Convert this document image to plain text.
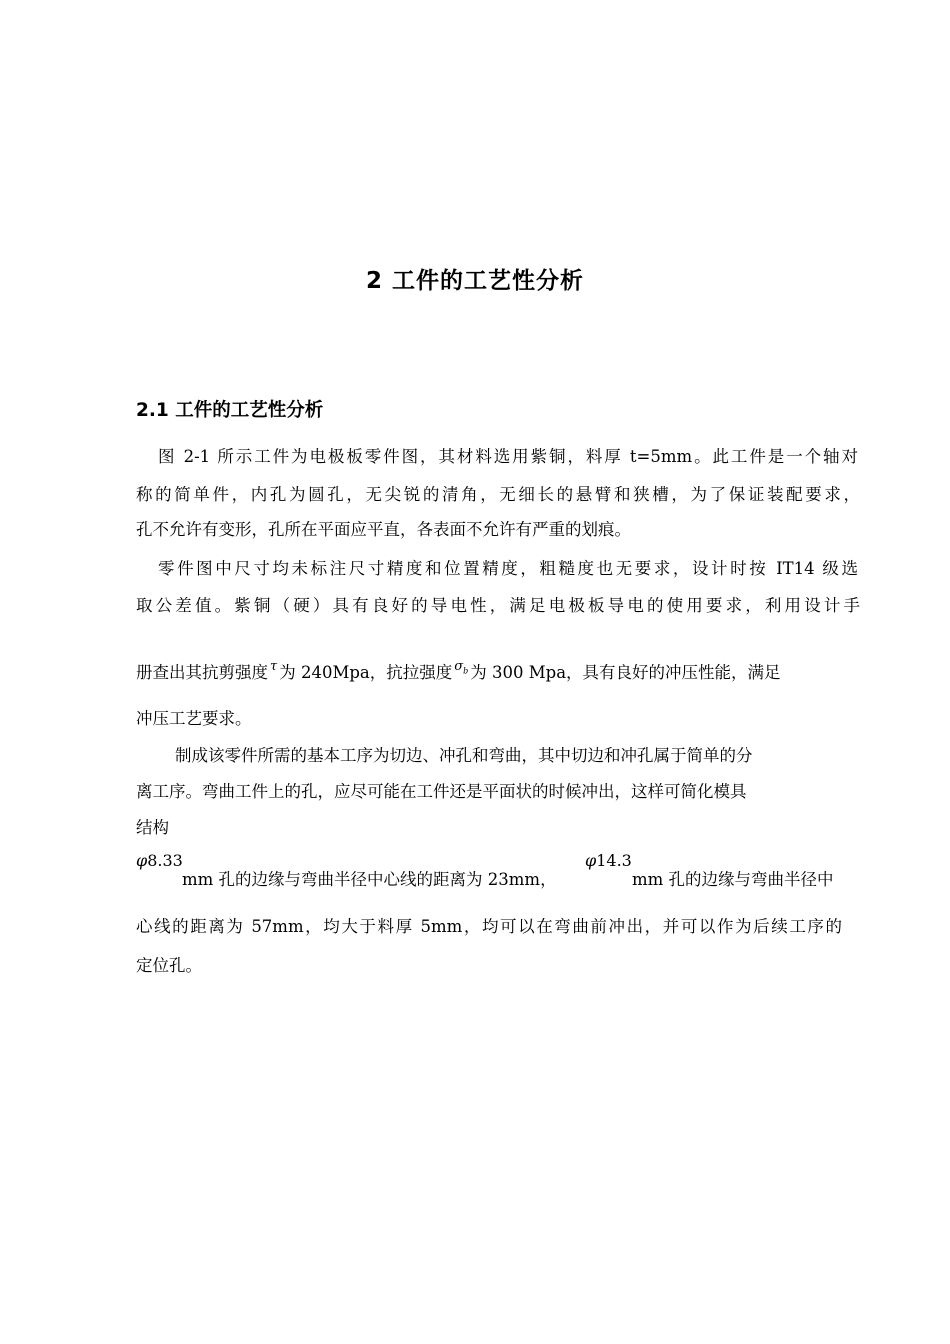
2 工件的工艺性分析
2.1 工件的工艺性分析

图 2-1 所示工件为电极板零件图，其材料选用紫铜，料厚 t=5mm。此工件是一个轴对

称的简单件，内孔为圆孔，无尖锐的清角，无细长的悬臂和狭槽，为了保证装配要求，

孔不允许有变形，孔所在平面应平直，各表面不允许有严重的划痕。

零件图中尺寸均未标注尺寸精度和位置精度，粗糙度也无要求，设计时按 IT14 级选

取公差值。紫铜（硬）具有良好的导电性，满足电极板导电的使用要求，利用设计手

册查出其抗剪强度 $^\tau$ 为 240Mpa，抗拉强度 $^{\sigma_b}$ 为 300 Mpa，具有良好的冲压性能，满足

冲压工艺要求。

制成该零件所需的基本工序为切边、冲孔和弯曲，其中切边和冲孔属于简单的分

离工序。弯曲工件上的孔，应尽可能在工件还是平面状的时候冲出，这样可简化模具

结构

φ8.33	φ14.3

mm 孔的边缘与弯曲半径中心线的距离为 23mm，	mm 孔的边缘与弯曲半径中

心线的距离为 57mm，均大于料厚 5mm，均可以在弯曲前冲出，并可以作为后续工序的

定位孔。
